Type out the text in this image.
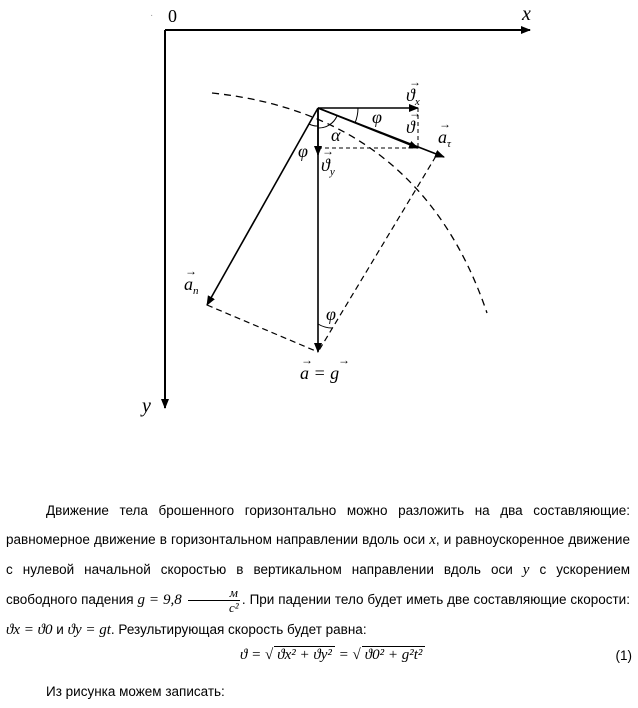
0	x
y
·
$ϑ_x$
→
ϑ
→
$a_\tau$
→
φ
α
φ
$ϑ_y$
→
$a_n$
→
φ
a = g
→ →
Движение тела брошенного горизонтально можно разложить на два составляющие: равномерное движение в горизонтальном направлении вдоль оси x, и равноускоренное движение с нулевой начальной скоростью в вертикальном направлении вдоль оси y с ускорением свободного падения $g = 9,8 \frac{м}{\text{с²}}$ . При падении тело будет иметь две составляющие скорости: ϑx = ϑ0 и ϑy = gt. Результирующая скорость будет равна:
ϑ = √ ϑx² + ϑy² = √ ϑ0² + g²t²	(1)
Из рисунка можем записать:
